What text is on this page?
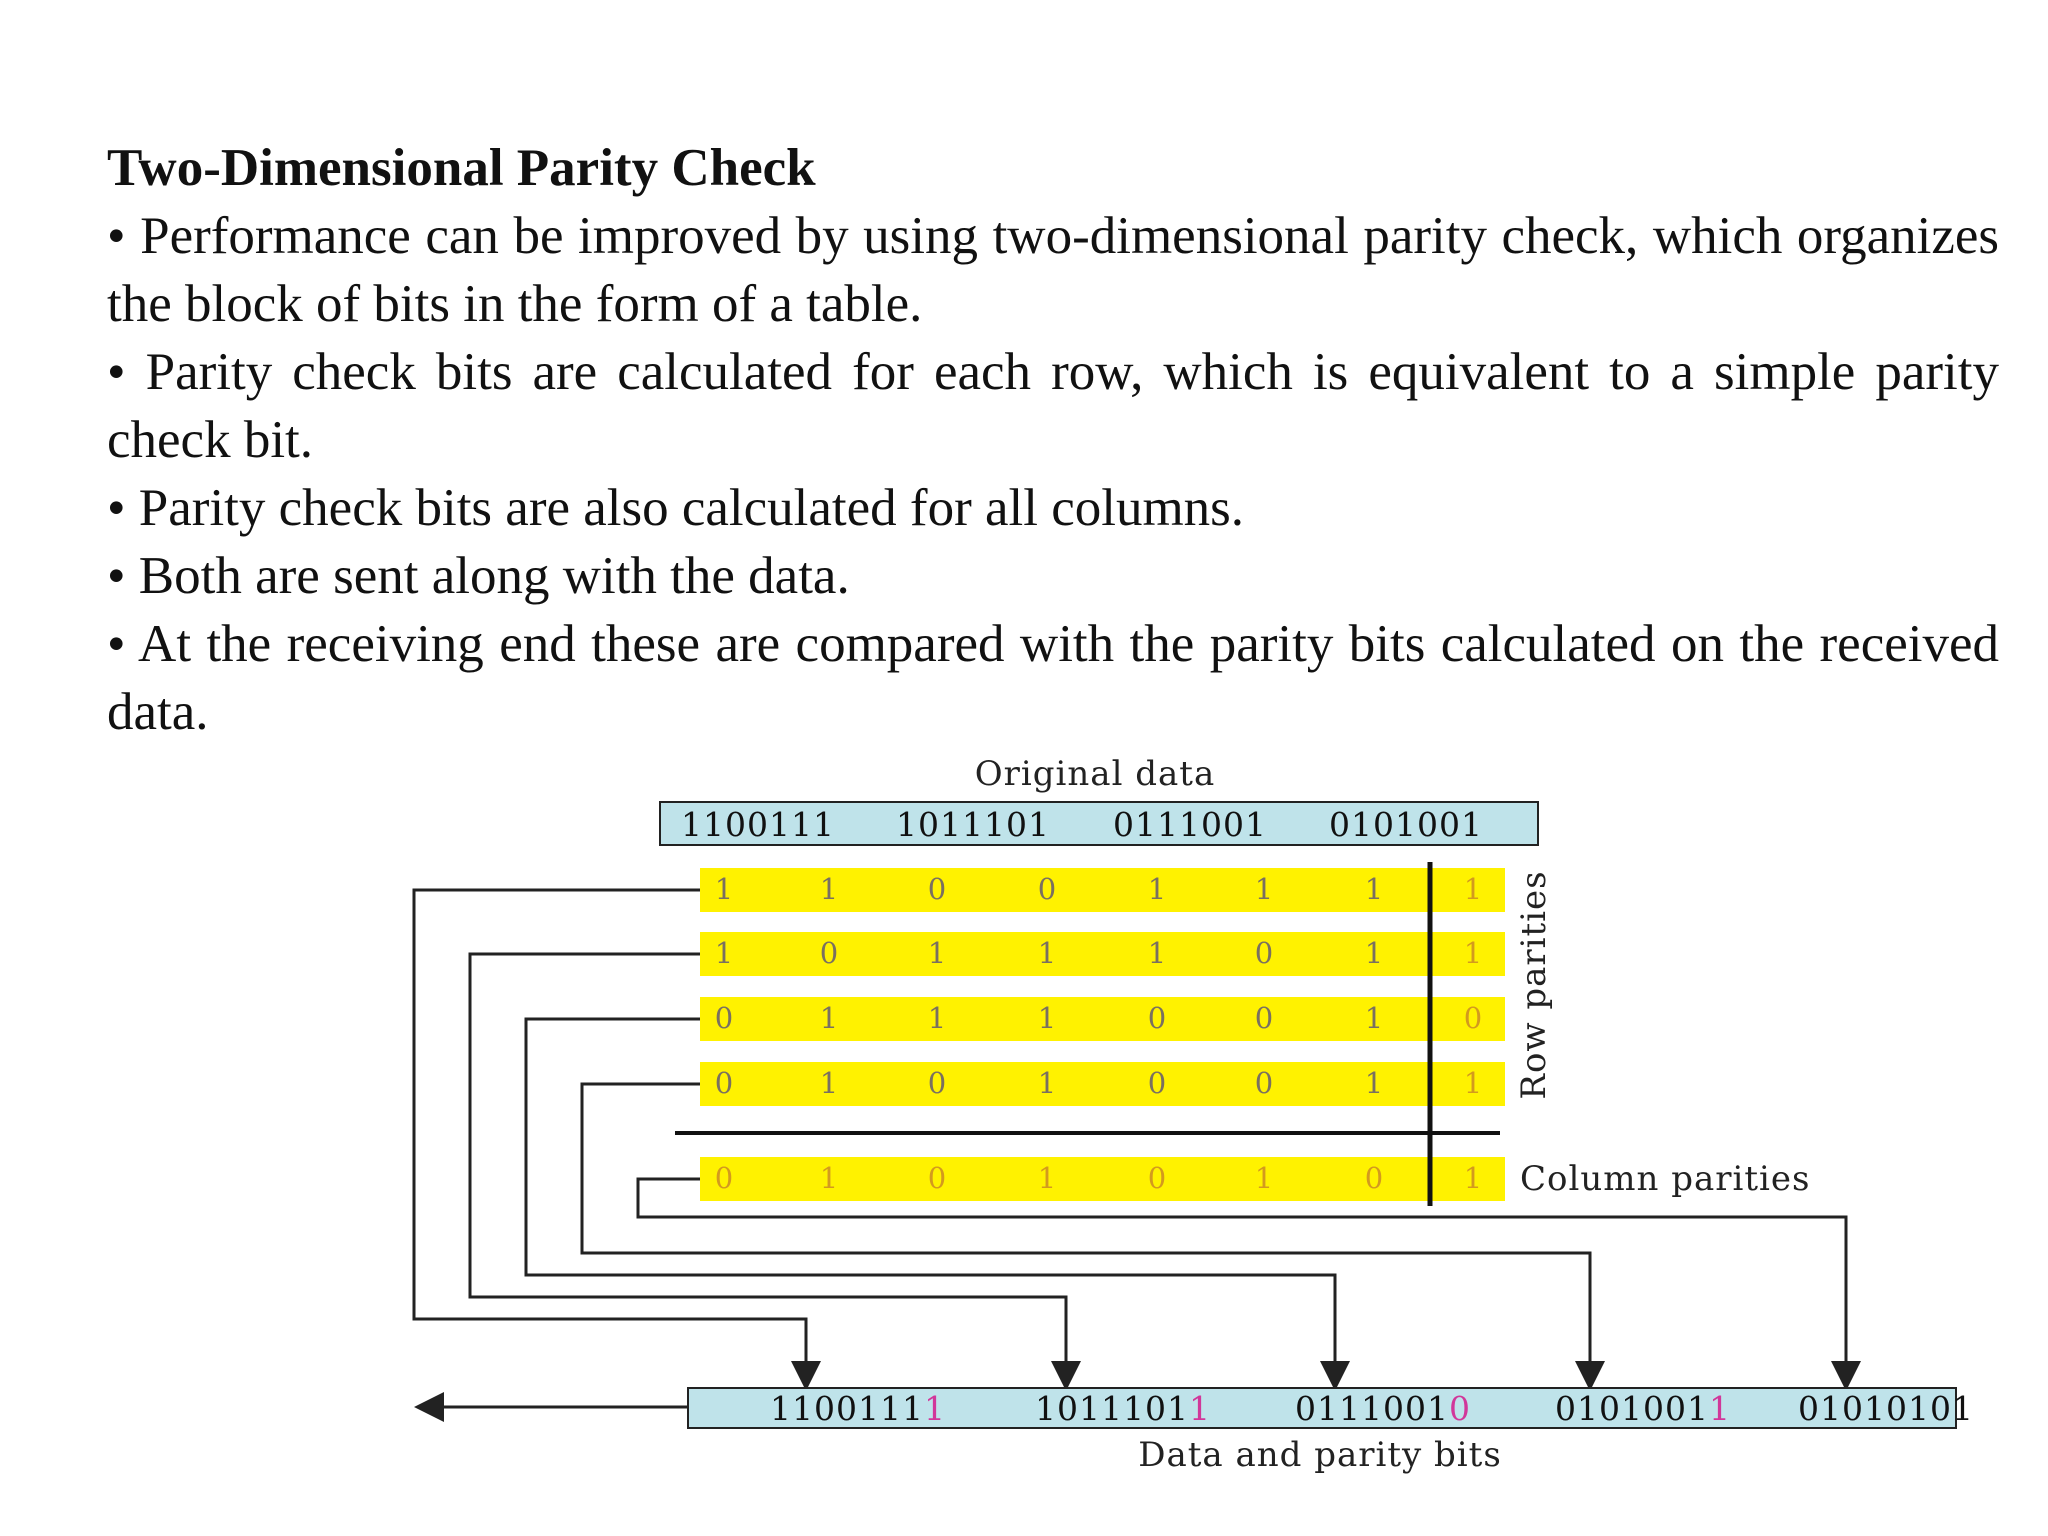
Two-Dimensional Parity Check

• Performance can be improved by using two-dimensional parity check, which organizes the block of bits in the form of a table.

• Parity check bits are calculated for each row, which is equivalent to a simple parity check bit.

• Parity check bits are also calculated for all columns.

• Both are sent along with the data.

• At the receiving end these are compared with the parity bits calculated on the received data.

Original data
1100111 1011101 0111001 0101001
1	1	0	0	1	1	1	1
1	0	1	1	1	0	1	1
0	1	1	1	0	0	1	0
0	1	0	1	0	0	1	1
0	1	0	1	0	1	0	1
Row parities
Column parities
11001111	10111011	01110010	01010011 01010101
Data and parity bits
